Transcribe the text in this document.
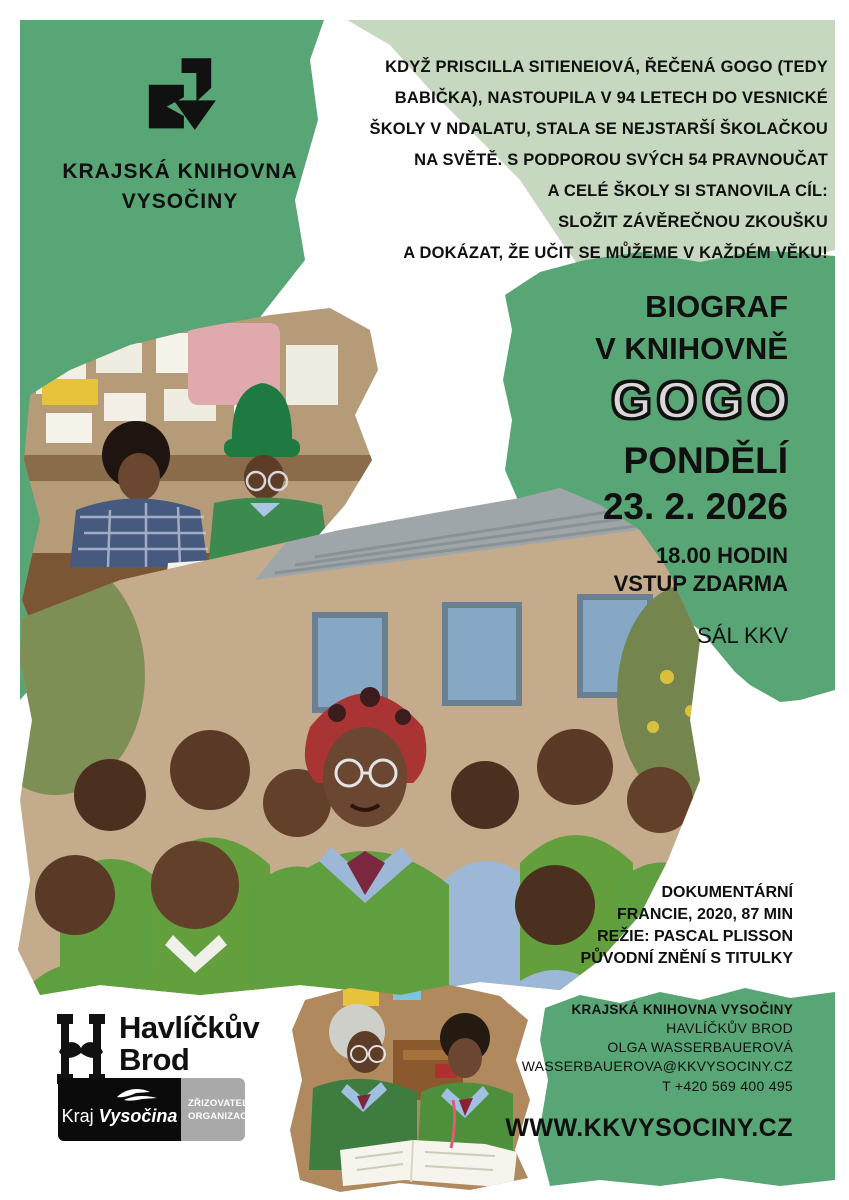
KRAJSKÁ KNIHOVNA
VYSOČINY
KDYŽ PRISCILLA SITIENEIOVÁ, ŘEČENÁ GOGO (TEDY
BABIČKA), NASTOUPILA V 94 LETECH DO VESNICKÉ
ŠKOLY V NDALATU, STALA SE NEJSTARŠÍ ŠKOLAČKOU
NA SVĚTĚ. S PODPOROU SVÝCH 54 PRAVNOUČAT
A CELÉ ŠKOLY SI STANOVILA CÍL:
SLOŽIT ZÁVĚREČNOU ZKOUŠKU
A DOKÁZAT, ŽE UČIT SE MŮŽEME V KAŽDÉM VĚKU!
BIOGRAF
V KNIHOVNĚ
GOGO
PONDĚLÍ
23. 2. 2026
18.00 HODIN
VSTUP ZDARMA
SÁL KKV
DOKUMENTÁRNÍ
FRANCIE, 2020, 87 MIN
REŽIE: PASCAL PLISSON
PŮVODNÍ ZNĚNÍ S TITULKY
KRAJSKÁ KNIHOVNA VYSOČINY
HAVLÍČKŮV BROD
OLGA WASSERBAUEROVÁ
WASSERBAUEROVA@KKVYSOCINY.CZ
T +420 569 400 495
WWW.KKVYSOCINY.CZ
Havlíčkův
Brod
Kraj Vysočina
ZŘIZOVATEL
ORGANIZACE
